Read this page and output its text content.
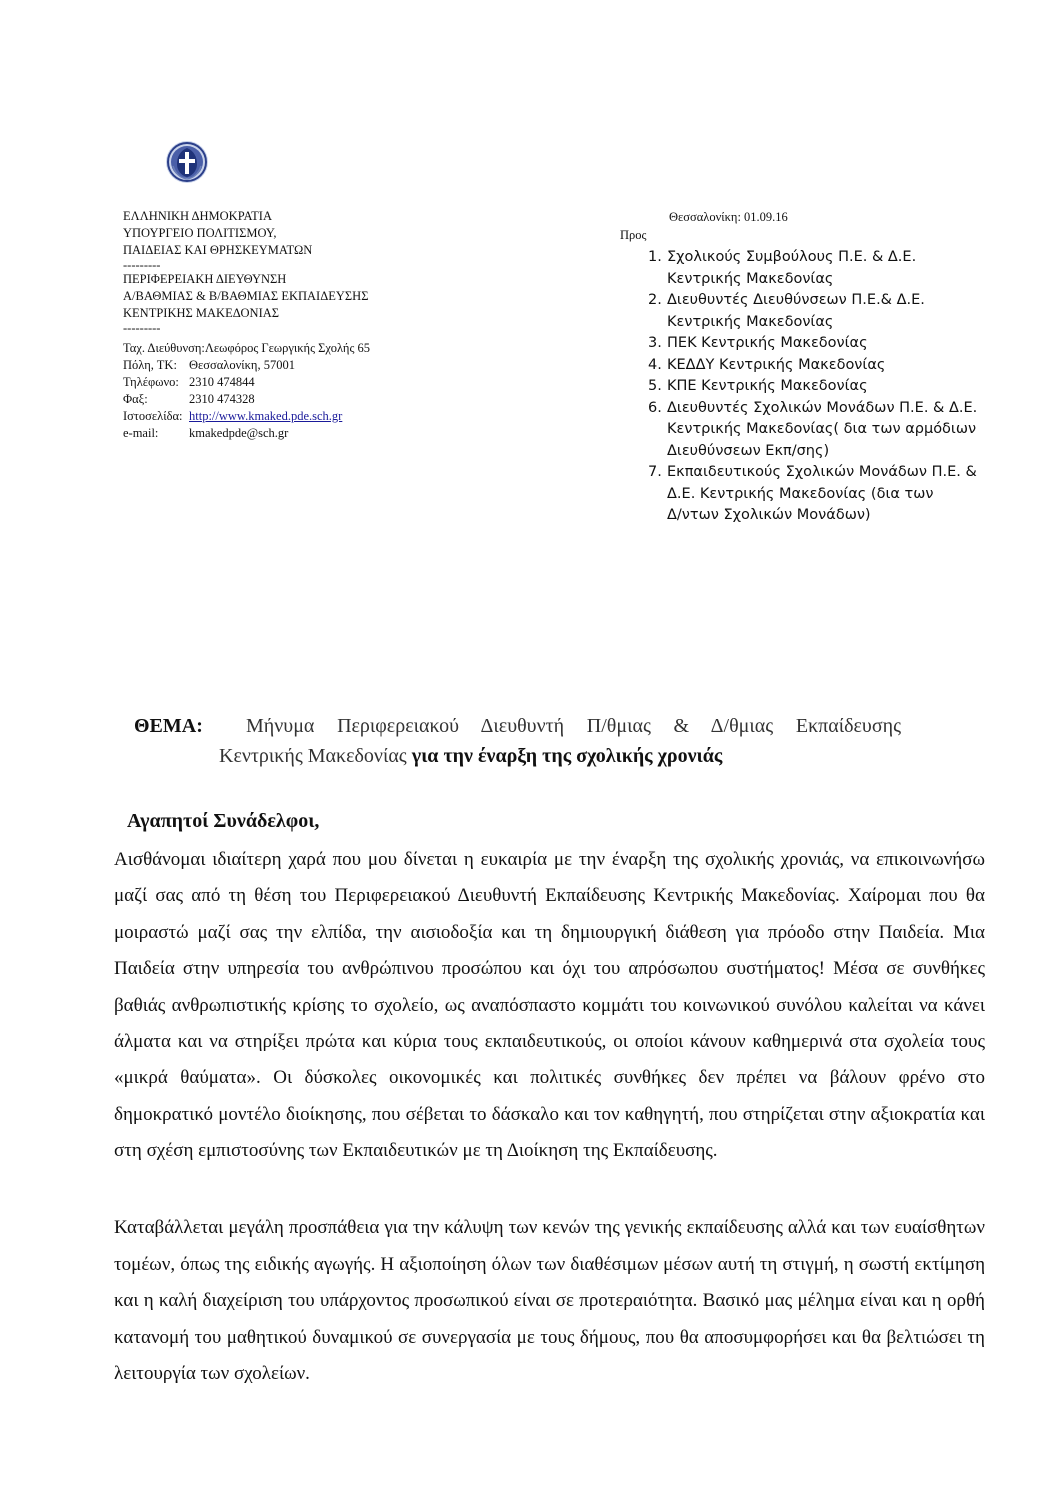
ΕΛΛΗΝΙΚΗ ΔΗΜΟΚΡΑΤΙΑ
ΥΠΟΥΡΓΕΙΟ ΠΟΛΙΤΙΣΜΟΥ,
ΠΑΙΔΕΙΑΣ ΚΑΙ ΘΡΗΣΚΕΥΜΑΤΩΝ
---------
ΠΕΡΙΦΕΡΕΙΑΚΗ ΔΙΕΥΘΥΝΣΗ
Α/ΒΑΘΜΙΑΣ & Β/ΒΑΘΜΙΑΣ ΕΚΠΑΙΔΕΥΣΗΣ
ΚΕΝΤΡΙΚΗΣ ΜΑΚΕΔΟΝΙΑΣ
---------
Ταχ. Διεύθυνση:Λεωφόρος Γεωργικής Σχολής 65
Πόλη, ΤΚ: Θεσσαλονίκη, 57001
Τηλέφωνο: 2310 474844
Φαξ:	2310 474328
Ιστοσελίδα: http://www.kmaked.pde.sch.gr
e-mail:	kmakedpde@sch.gr
Θεσσαλονίκη: 01.09.16
Προς
1. Σχολικούς Συμβούλους Π.Ε. & Δ.Ε.
Κεντρικής Μακεδονίας
2. Διευθυντές Διευθύνσεων Π.Ε.& Δ.Ε.
Κεντρικής Μακεδονίας
3. ΠΕΚ Κεντρικής Μακεδονίας
4. ΚΕΔΔΥ Κεντρικής Μακεδονίας
5. ΚΠΕ Κεντρικής Μακεδονίας
6. Διευθυντές Σχολικών Μονάδων Π.Ε. & Δ.Ε.
Κεντρικής Μακεδονίας( δια των αρμόδιων
Διευθύνσεων Εκπ/σης)
7. Εκπαιδευτικούς Σχολικών Μονάδων Π.Ε. &
Δ.Ε. Κεντρικής Μακεδονίας (δια των
Δ/ντων Σχολικών Μονάδων)
ΘΕΜΑ: Μήνυμα Περιφερειακού Διευθυντή Π/θμιας & Δ/θμιας Εκπαίδευσης
Κεντρικής Μακεδονίας για την έναρξη της σχολικής χρονιάς
Αγαπητοί Συνάδελφοι,
Αισθάνομαι ιδιαίτερη χαρά που μου δίνεται η ευκαιρία με την έναρξη της σχολικής χρονιάς, να επικοινωνήσω μαζί σας από τη θέση του Περιφερειακού Διευθυντή Εκπαίδευσης Κεντρικής Μακεδονίας. Χαίρομαι που θα μοιραστώ μαζί σας την ελπίδα, την αισιοδοξία και τη δημιουργική διάθεση για πρόοδο στην Παιδεία. Μια Παιδεία στην υπηρεσία του ανθρώπινου προσώπου και όχι του απρόσωπου συστήματος! Μέσα σε συνθήκες βαθιάς ανθρωπιστικής κρίσης το σχολείο, ως αναπόσπαστο κομμάτι του κοινωνικού συνόλου καλείται να κάνει άλματα και να στηρίξει πρώτα και κύρια τους εκπαιδευτικούς, οι οποίοι κάνουν καθημερινά στα σχολεία τους «μικρά θαύματα». Οι δύσκολες οικονομικές και πολιτικές συνθήκες δεν πρέπει να βάλουν φρένο στο δημοκρατικό μοντέλο διοίκησης, που σέβεται το δάσκαλο και τον καθηγητή, που στηρίζεται στην αξιοκρατία και στη σχέση εμπιστοσύνης των Εκπαιδευτικών με τη Διοίκηση της Εκπαίδευσης.
Καταβάλλεται μεγάλη προσπάθεια για την κάλυψη των κενών της γενικής εκπαίδευσης αλλά και των ευαίσθητων τομέων, όπως της ειδικής αγωγής. Η αξιοποίηση όλων των διαθέσιμων μέσων αυτή τη στιγμή, η σωστή εκτίμηση και η καλή διαχείριση του υπάρχοντος προσωπικού είναι σε προτεραιότητα. Βασικό μας μέλημα είναι και η ορθή κατανομή του μαθητικού δυναμικού σε συνεργασία με τους δήμους, που θα αποσυμφορήσει και θα βελτιώσει τη λειτουργία των σχολείων.
